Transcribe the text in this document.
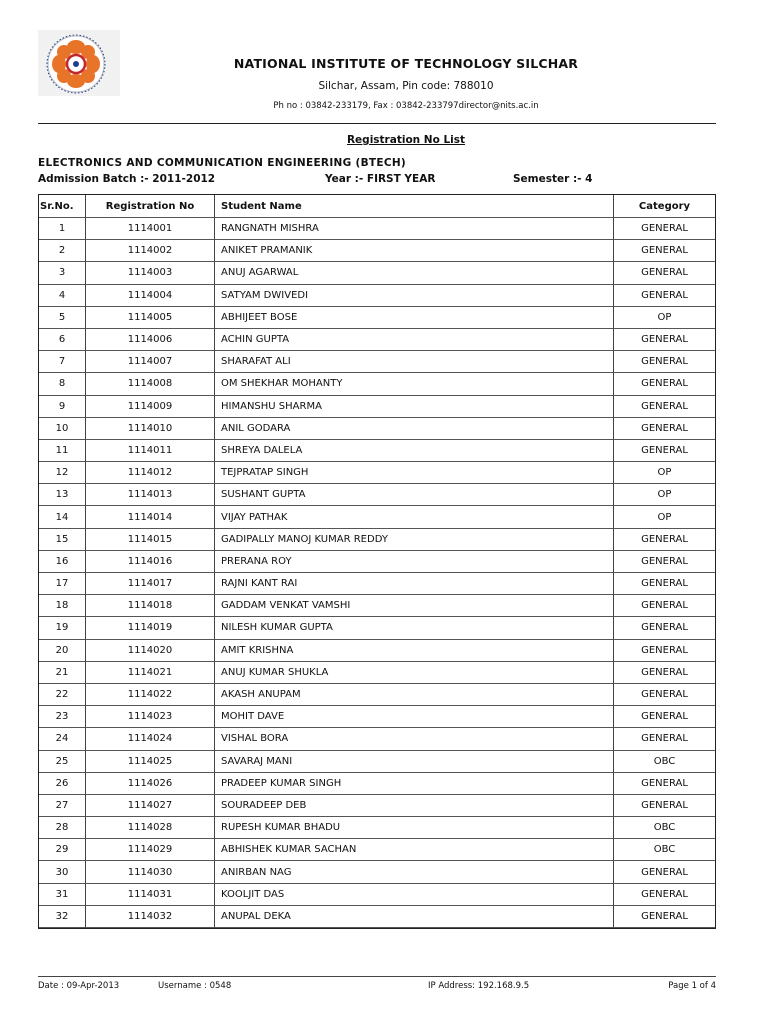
NATIONAL INSTITUTE OF TECHNOLOGY SILCHAR
Silchar, Assam, Pin code: 788010
Ph no : 03842-233179, Fax : 03842-233797director@nits.ac.in
Registration No List
ELECTRONICS AND COMMUNICATION ENGINEERING (BTECH)
Admission Batch :- 2011-2012	Year :- FIRST YEAR	Semester :- 4
Sr.No.	Registration No	Student Name	Category
1	1114001	RANGNATH MISHRA	GENERAL
2	1114002	ANIKET PRAMANIK	GENERAL
3	1114003	ANUJ AGARWAL	GENERAL
4	1114004	SATYAM DWIVEDI	GENERAL
5	1114005	ABHIJEET BOSE	OP
6	1114006	ACHIN GUPTA	GENERAL
7	1114007	SHARAFAT ALI	GENERAL
8	1114008	OM SHEKHAR MOHANTY	GENERAL
9	1114009	HIMANSHU SHARMA	GENERAL
10	1114010	ANIL GODARA	GENERAL
11	1114011	SHREYA DALELA	GENERAL
12	1114012	TEJPRATAP SINGH	OP
13	1114013	SUSHANT GUPTA	OP
14	1114014	VIJAY PATHAK	OP
15	1114015	GADIPALLY MANOJ KUMAR REDDY	GENERAL
16	1114016	PRERANA ROY	GENERAL
17	1114017	RAJNI KANT RAI	GENERAL
18	1114018	GADDAM VENKAT VAMSHI	GENERAL
19	1114019	NILESH KUMAR GUPTA	GENERAL
20	1114020	AMIT KRISHNA	GENERAL
21	1114021	ANUJ KUMAR SHUKLA	GENERAL
22	1114022	AKASH ANUPAM	GENERAL
23	1114023	MOHIT DAVE	GENERAL
24	1114024	VISHAL BORA	GENERAL
25	1114025	SAVARAJ MANI	OBC
26	1114026	PRADEEP KUMAR SINGH	GENERAL
27	1114027	SOURADEEP DEB	GENERAL
28	1114028	RUPESH KUMAR BHADU	OBC
29	1114029	ABHISHEK KUMAR SACHAN	OBC
30	1114030	ANIRBAN NAG	GENERAL
31	1114031	KOOLJIT DAS	GENERAL
32	1114032	ANUPAL DEKA	GENERAL
Date : 09-Apr-2013	Username : 0548	IP Address: 192.168.9.5	Page 1 of 4
